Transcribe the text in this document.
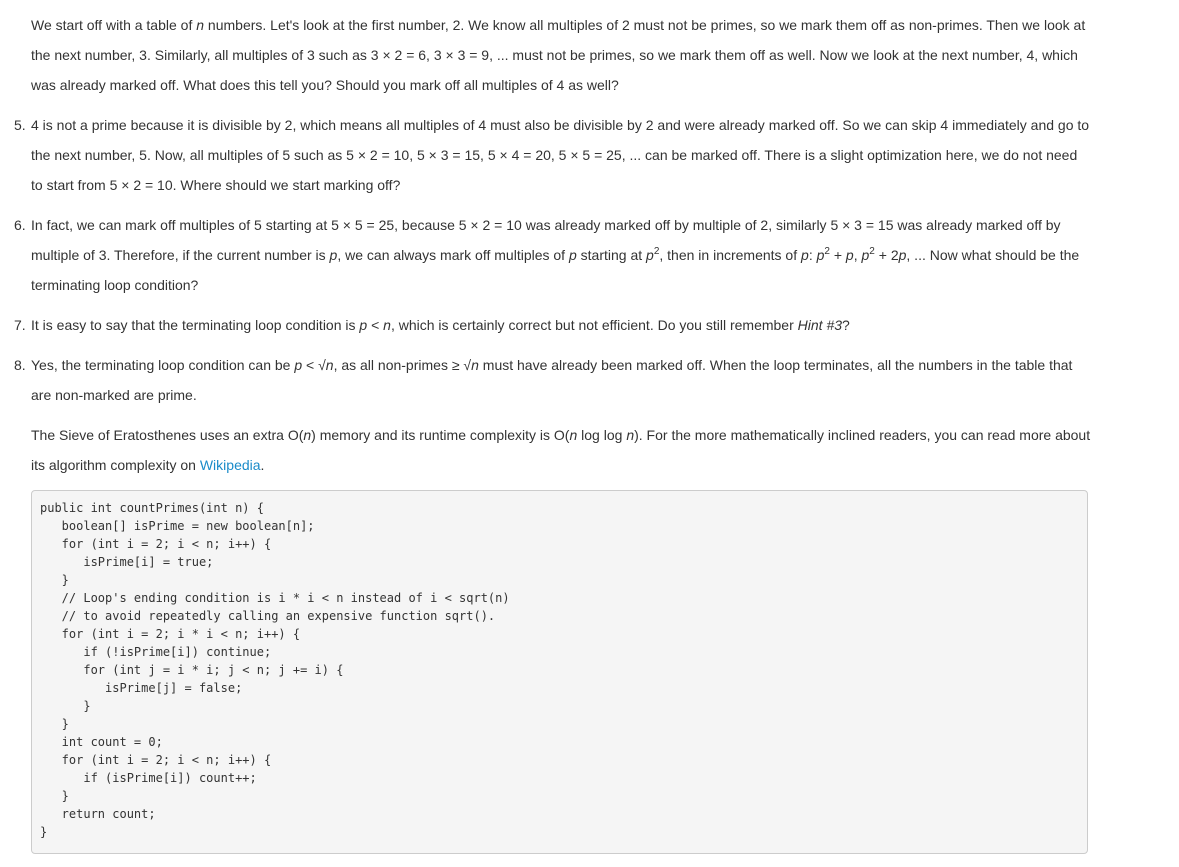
We start off with a table of n numbers. Let's look at the first number, 2. We know all multiples of 2 must not be primes, so we mark them off as non-primes. Then we look at the next number, 3. Similarly, all multiples of 3 such as 3 × 2 = 6, 3 × 3 = 9, ... must not be primes, so we mark them off as well. Now we look at the next number, 4, which was already marked off. What does this tell you? Should you mark off all multiples of 4 as well?

5. 4 is not a prime because it is divisible by 2, which means all multiples of 4 must also be divisible by 2 and were already marked off. So we can skip 4 immediately and go to the next number, 5. Now, all multiples of 5 such as 5 × 2 = 10, 5 × 3 = 15, 5 × 4 = 20, 5 × 5 = 25, ... can be marked off. There is a slight optimization here, we do not need to start from 5 × 2 = 10. Where should we start marking off?
6. In fact, we can mark off multiples of 5 starting at 5 × 5 = 25, because 5 × 2 = 10 was already marked off by multiple of 2, similarly 5 × 3 = 15 was already marked off by multiple of 3. Therefore, if the current number is p, we can always mark off multiples of p starting at $p^2$, then in increments of p: $p^2 + p$, $p^2 + 2p$, ... Now what should be the terminating loop condition?
7. It is easy to say that the terminating loop condition is p < n, which is certainly correct but not efficient. Do you still remember Hint #3?
8. Yes, the terminating loop condition can be p < √n, as all non-primes ≥ √n must have already been marked off. When the loop terminates, all the numbers in the table that are non-marked are prime.

The Sieve of Eratosthenes uses an extra O(n) memory and its runtime complexity is O(n log log n). For the more mathematically inclined readers, you can read more about its algorithm complexity on Wikipedia.

public int countPrimes(int n) {
boolean[] isPrime = new boolean[n];
for (int i = 2; i < n; i++) {
isPrime[i] = true;
}
// Loop's ending condition is i * i < n instead of i < sqrt(n)
// to avoid repeatedly calling an expensive function sqrt().
for (int i = 2; i * i < n; i++) {
if (!isPrime[i]) continue;
for (int j = i * i; j < n; j += i) {
isPrime[j] = false;
}
}
int count = 0;
for (int i = 2; i < n; i++) {
if (isPrime[i]) count++;
}
return count;
}
